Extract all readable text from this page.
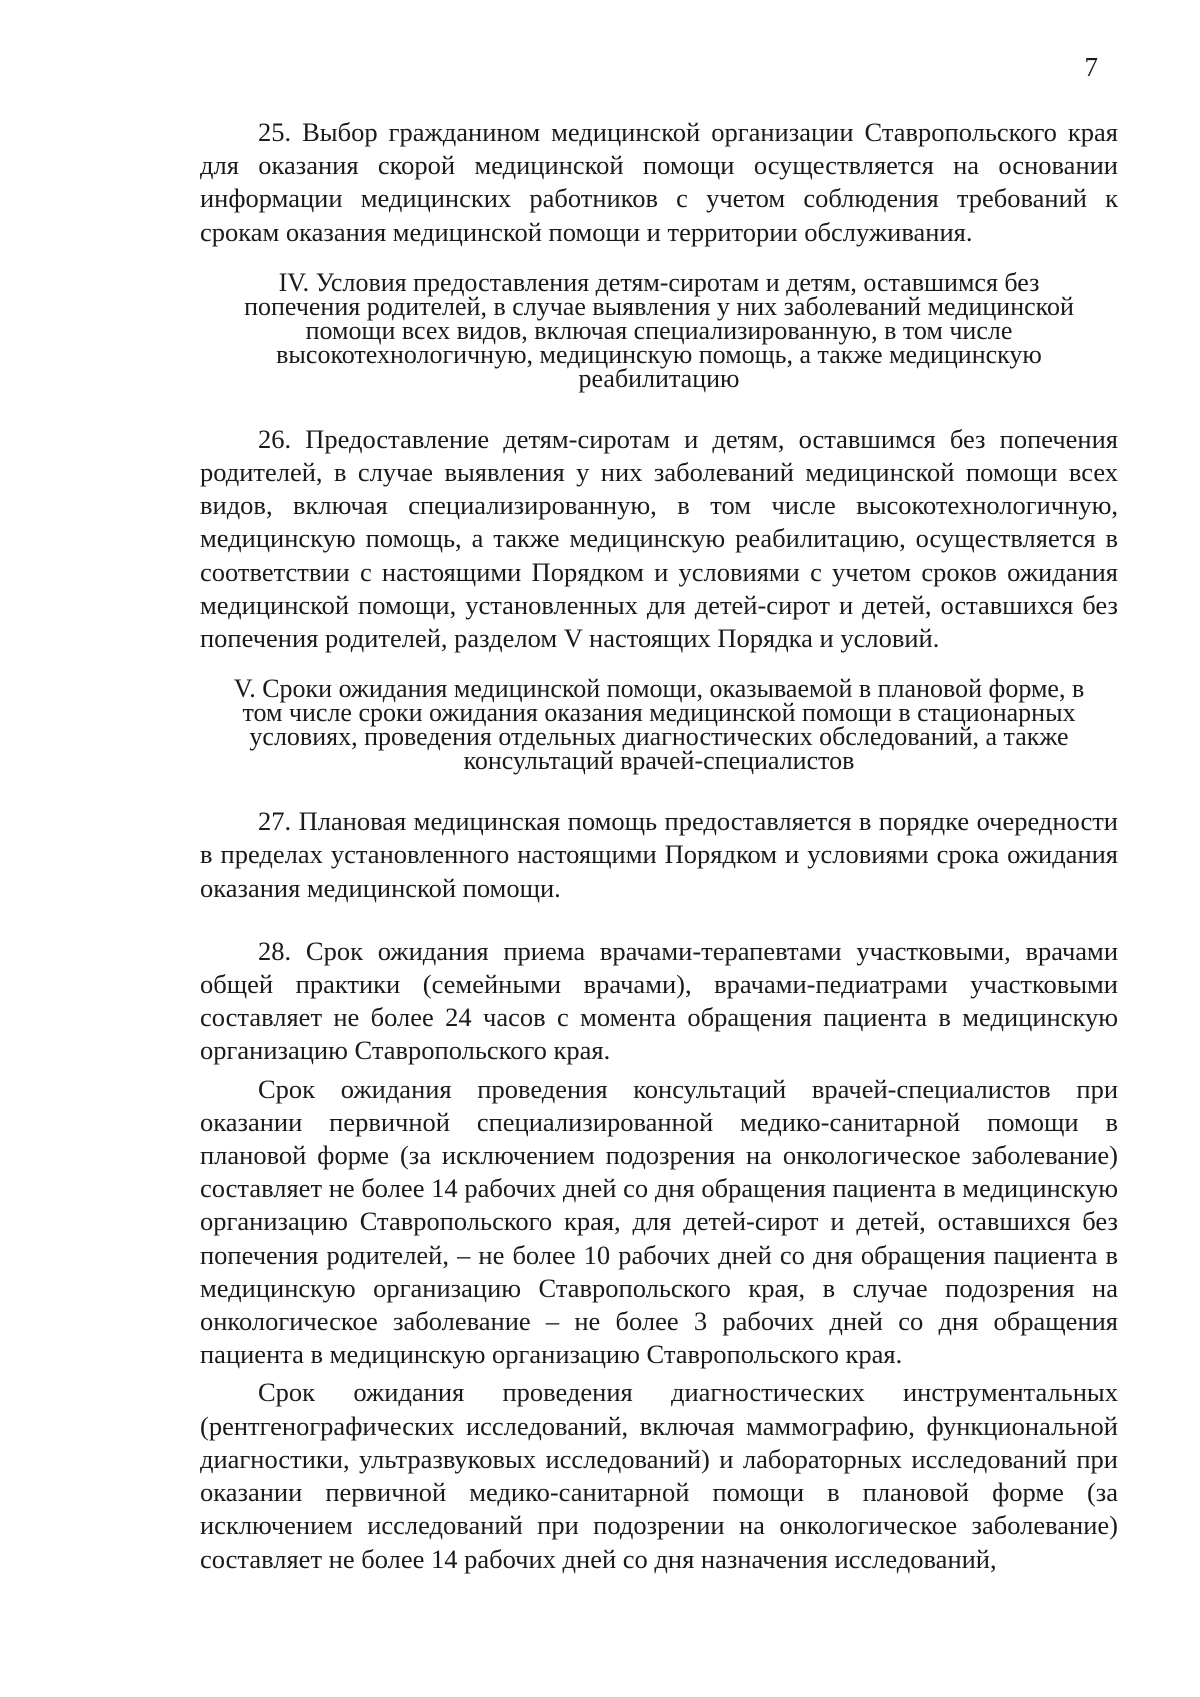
7

25. Выбор гражданином медицинской организации Ставропольского края для оказания скорой медицинской помощи осуществляется на основании информации медицинских работников с учетом соблюдения требований к срокам оказания медицинской помощи и территории обслуживания.

IV. Условия предоставления детям-сиротам и детям, оставшимся без попечения родителей, в случае выявления у них заболеваний медицинской помощи всех видов, включая специализированную, в том числе высокотехнологичную, медицинскую помощь, а также медицинскую реабилитацию

26. Предоставление детям-сиротам и детям, оставшимся без попечения родителей, в случае выявления у них заболеваний медицинской помощи всех видов, включая специализированную, в том числе высокотехнологичную, медицинскую помощь, а также медицинскую реабилитацию, осуществляется в соответствии с настоящими Порядком и условиями с учетом сроков ожидания медицинской помощи, установленных для детей-сирот и детей, оставшихся без попечения родителей, разделом V настоящих Порядка и условий.

V. Сроки ожидания медицинской помощи, оказываемой в плановой форме, в том числе сроки ожидания оказания медицинской помощи в стационарных условиях, проведения отдельных диагностических обследований, а также консультаций врачей-специалистов

27. Плановая медицинская помощь предоставляется в порядке очередности в пределах установленного настоящими Порядком и условиями срока ожидания оказания медицинской помощи.

28. Срок ожидания приема врачами-терапевтами участковыми, врачами общей практики (семейными врачами), врачами-педиатрами участковыми составляет не более 24 часов с момента обращения пациента в медицинскую организацию Ставропольского края.

Срок ожидания проведения консультаций врачей-специалистов при оказании первичной специализированной медико-санитарной помощи в плановой форме (за исключением подозрения на онкологическое заболевание) составляет не более 14 рабочих дней со дня обращения пациента в медицинскую организацию Ставропольского края, для детей-сирот и детей, оставшихся без попечения родителей, – не более 10 рабочих дней со дня обращения пациента в медицинскую организацию Ставропольского края, в случае подозрения на онкологическое заболевание – не более 3 рабочих дней со дня обращения пациента в медицинскую организацию Ставропольского края.

Срок ожидания проведения диагностических инструментальных (рентгенографических исследований, включая маммографию, функциональной диагностики, ультразвуковых исследований) и лабораторных исследований при оказании первичной медико-санитарной помощи в плановой форме (за исключением исследований при подозрении на онкологическое заболевание) составляет не более 14 рабочих дней со дня назначения исследований,
